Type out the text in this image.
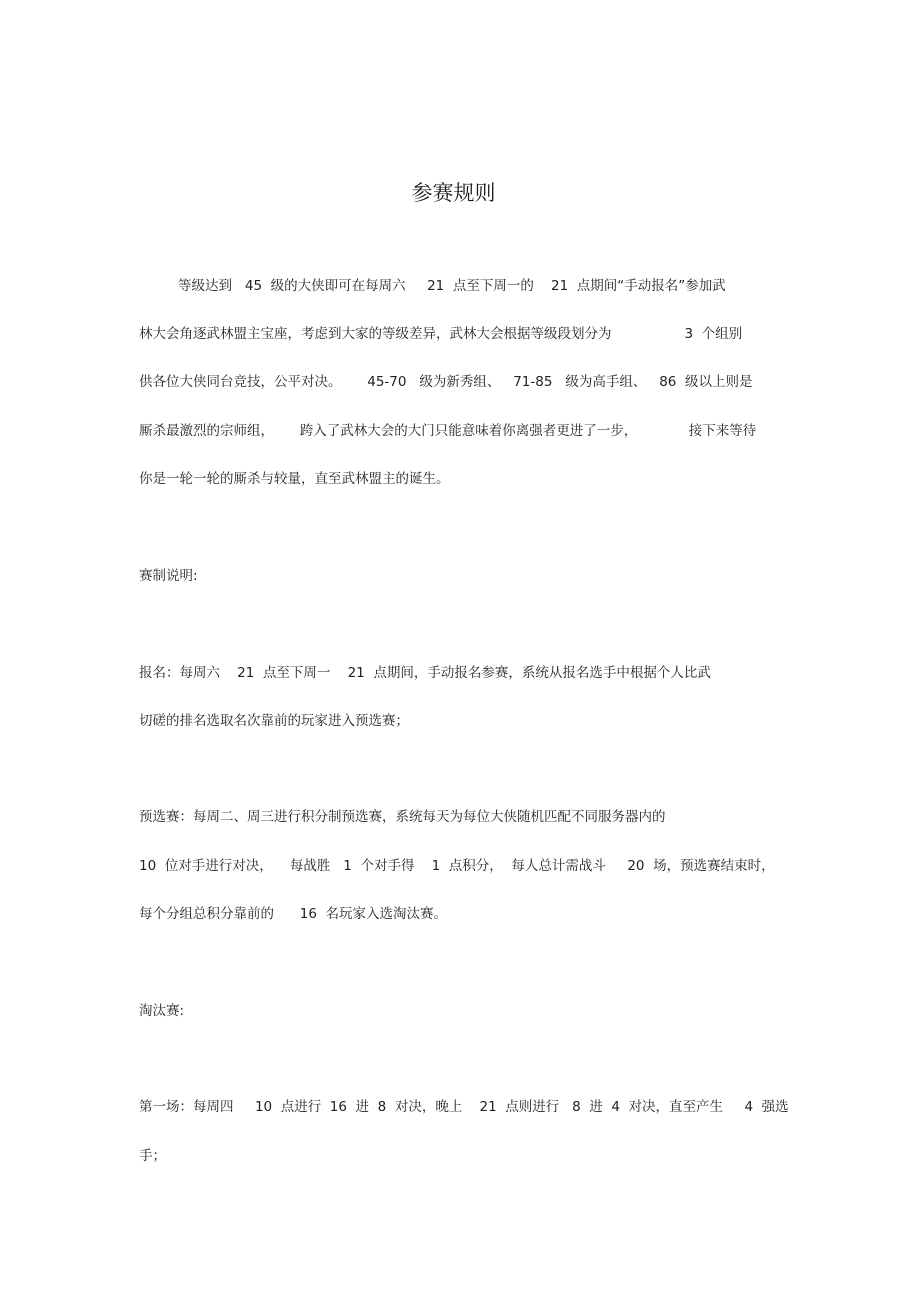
参赛规则
等级达到   45  级的大侠即可在每周六     21  点至下周一的    21  点期间“手动报名”参加武
林大会角逐武林盟主宝座，考虑到大家的等级差异，武林大会根据等级段划分为                 3  个组别
供各位大侠同台竞技，公平对决。      45-70   级为新秀组、   71-85   级为高手组、   86  级以上则是
厮杀最激烈的宗师组，      跨入了武林大会的大门只能意味着你离强者更进了一步，            接下来等待
你是一轮一轮的厮杀与较量，直至武林盟主的诞生。
赛制说明:
报名：每周六    21  点至下周一    21  点期间，手动报名参赛，系统从报名选手中根据个人比武
切磋的排名选取名次靠前的玩家进入预选赛；
预选赛：每周二、周三进行积分制预选赛，系统每天为每位大侠随机匹配不同服务器内的
10  位对手进行对决，    每战胜   1  个对手得    1  点积分，  每人总计需战斗     20  场，预选赛结束时，
每个分组总积分靠前的      16  名玩家入选淘汰赛。
淘汰赛:
第一场：每周四     10  点进行  16  进  8  对决，晚上    21  点则进行   8  进  4  对决，直至产生     4  强选
手；
